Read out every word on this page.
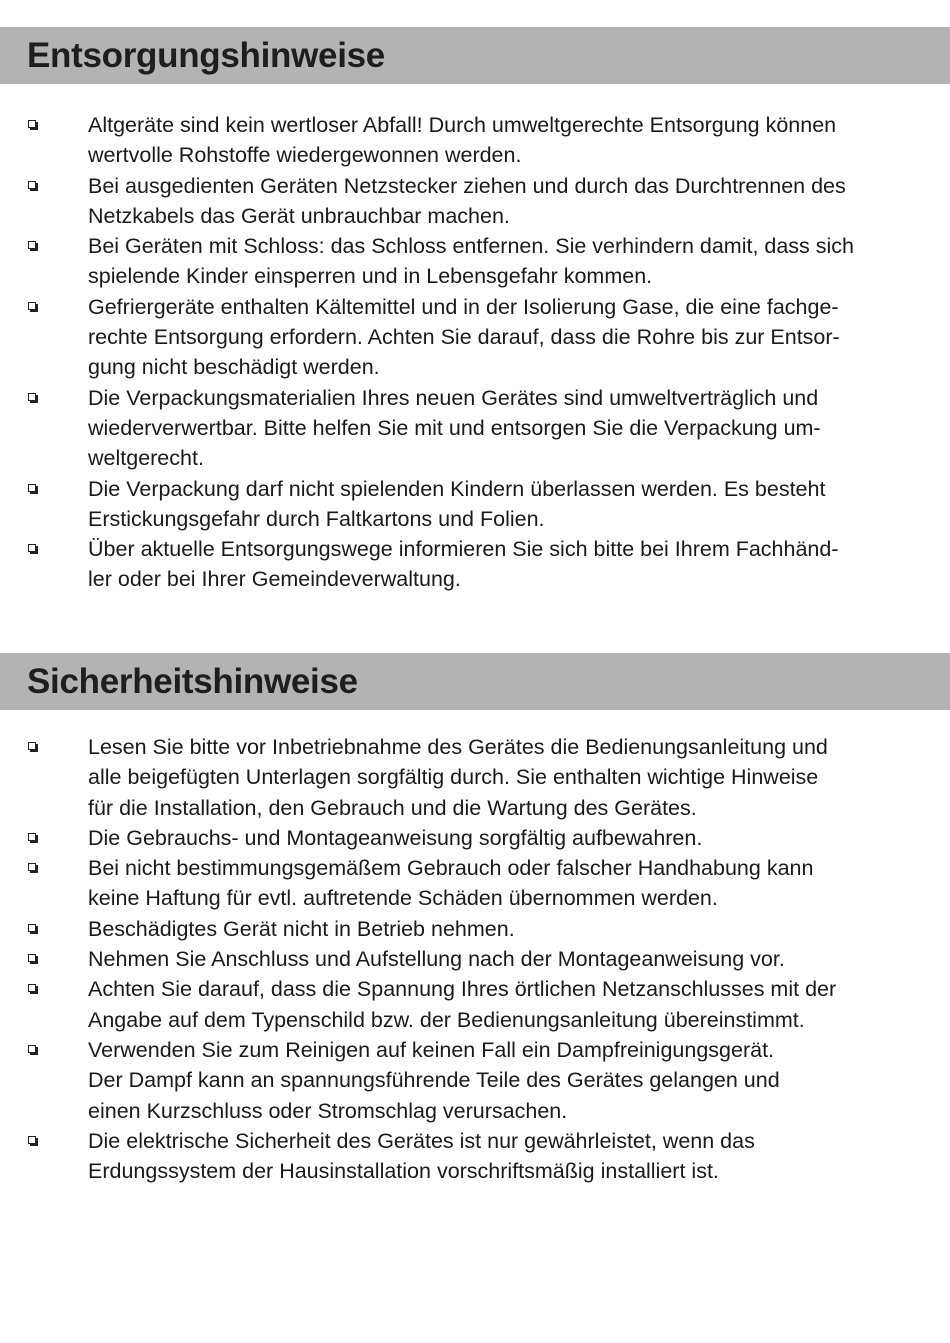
Entsorgungshinweise
Altgeräte sind kein wertloser Abfall! Durch umweltgerechte Entsorgung können
wertvolle Rohstoffe wiedergewonnen werden.
Bei ausgedienten Geräten Netzstecker ziehen und durch das Durchtrennen des
Netzkabels das Gerät unbrauchbar machen.
Bei Geräten mit Schloss: das Schloss entfernen. Sie verhindern damit, dass sich
spielende Kinder einsperren und in Lebensgefahr kommen.
Gefriergeräte enthalten Kältemittel und in der Isolierung Gase, die eine fachge-
rechte Entsorgung erfordern. Achten Sie darauf, dass die Rohre bis zur Entsor-
gung nicht beschädigt werden.
Die Verpackungsmaterialien Ihres neuen Gerätes sind umweltverträglich und
wiederverwertbar. Bitte helfen Sie mit und entsorgen Sie die Verpackung um-
weltgerecht.
Die Verpackung darf nicht spielenden Kindern überlassen werden. Es besteht
Erstickungsgefahr durch Faltkartons und Folien.
Über aktuelle Entsorgungswege informieren Sie sich bitte bei Ihrem Fachhänd-
ler oder bei Ihrer Gemeindeverwaltung.
Sicherheitshinweise
Lesen Sie bitte vor Inbetriebnahme des Gerätes die Bedienungsanleitung und
alle beigefügten Unterlagen sorgfältig durch. Sie enthalten wichtige Hinweise
für die Installation, den Gebrauch und die Wartung des Gerätes.
Die Gebrauchs- und Montageanweisung sorgfältig aufbewahren.
Bei nicht bestimmungsgemäßem Gebrauch oder falscher Handhabung kann
keine Haftung für evtl. auftretende Schäden übernommen werden.
Beschädigtes Gerät nicht in Betrieb nehmen.
Nehmen Sie Anschluss und Aufstellung nach der Montageanweisung vor.
Achten Sie darauf, dass die Spannung Ihres örtlichen Netzanschlusses mit der
Angabe auf dem Typenschild bzw. der Bedienungsanleitung übereinstimmt.
Verwenden Sie zum Reinigen auf keinen Fall ein Dampfreinigungsgerät.
Der Dampf kann an spannungsführende Teile des Gerätes gelangen und
einen Kurzschluss oder Stromschlag verursachen.
Die elektrische Sicherheit des Gerätes ist nur gewährleistet, wenn das
Erdungssystem der Hausinstallation vorschriftsmäßig installiert ist.
